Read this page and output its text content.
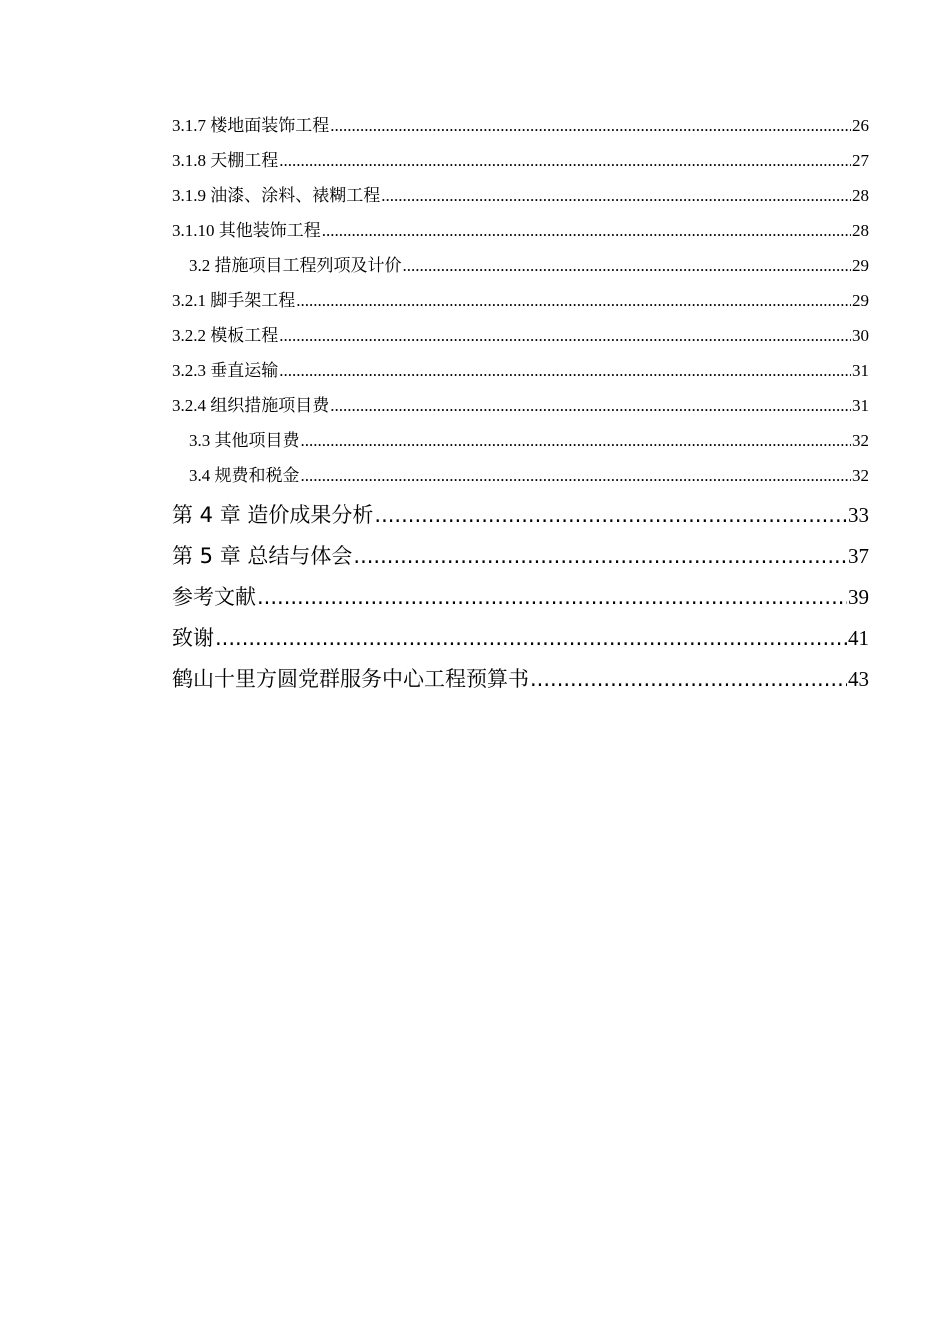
3.1.7 楼地面装饰工程 .....	26
3.1.8 天棚工程 .....	27
3.1.9 油漆、涂料、裱糊工程 .....	28
3.1.10 其他装饰工程 .....	28
3.2 措施项目工程列项及计价 .....	29
3.2.1 脚手架工程 .....	29
3.2.2 模板工程 .....	30
3.2.3 垂直运输 .....	31
3.2.4 组织措施项目费 .....	31
3.3 其他项目费 .....	32
3.4 规费和税金 .....	32
第 4 章 造价成果分析 .....	33
第 5 章 总结与体会 .....	37
参考文献 .....	39
致谢 .....	41
鹤山十里方圆党群服务中心工程预算书 .....	43
